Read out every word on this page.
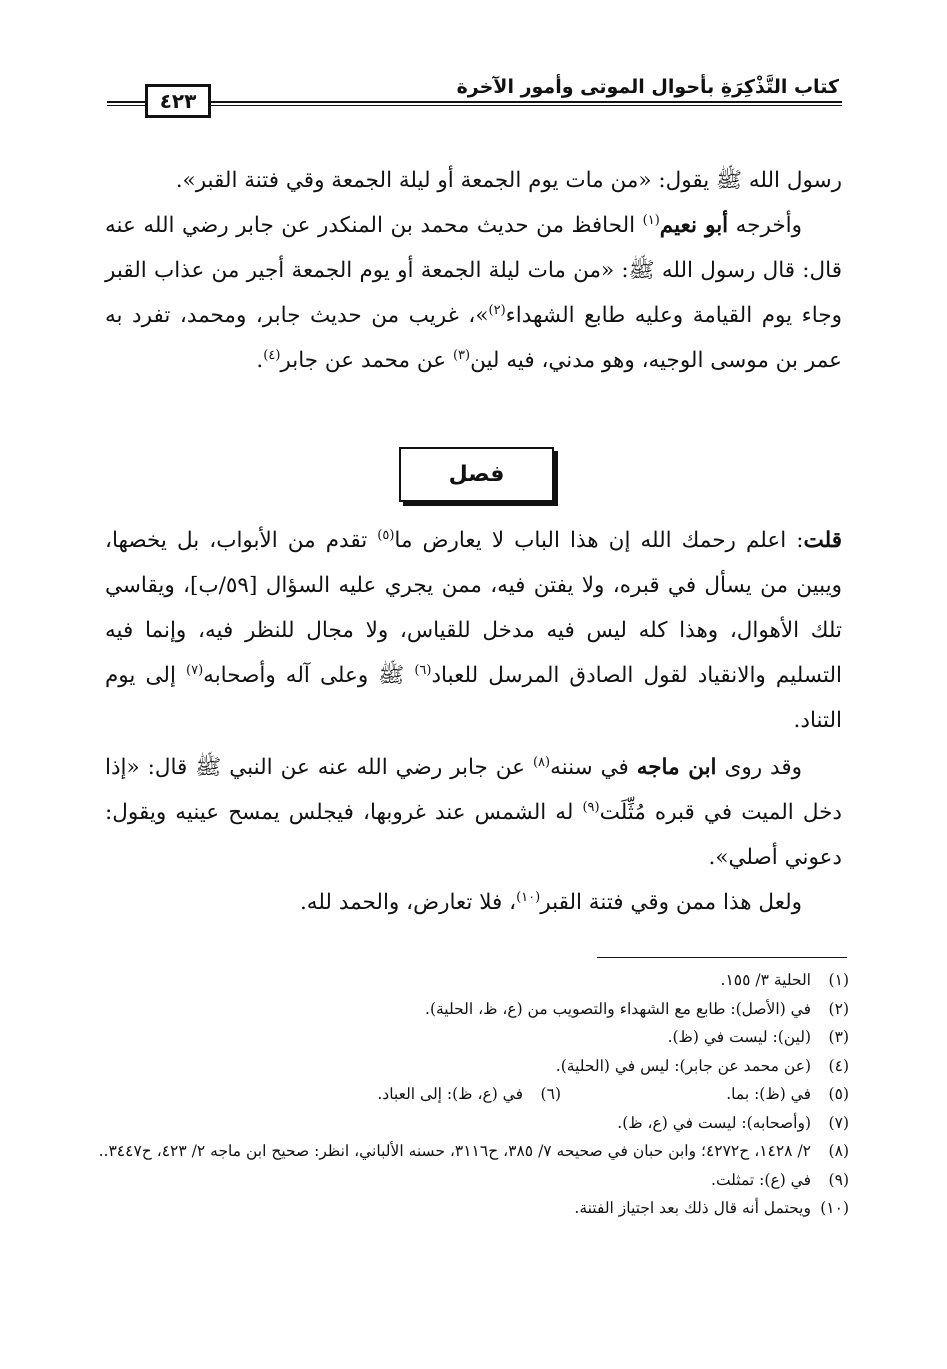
كتاب التَّذْكِرَةِ بأحوال الموتى وأمور الآخرة
٤٢٣

رسول الله ﷺ يقول: «من مات يوم الجمعة أو ليلة الجمعة وقي فتنة القبر».

وأخرجه أبو نعيم$^{(١)}$ الحافظ من حديث محمد بن المنكدر عن جابر رضي الله عنه قال: قال رسول الله ﷺ: «من مات ليلة الجمعة أو يوم الجمعة أجير من عذاب القبر وجاء يوم القيامة وعليه طابع الشهداء$^{(٢)}$»، غريب من حديث جابر، ومحمد، تفرد به عمر بن موسى الوجيه، وهو مدني، فيه لين$^{(٣)}$ عن محمد عن جابر$^{(٤)}$.

فصل

قلت: اعلم رحمك الله إن هذا الباب لا يعارض ما$^{(٥)}$ تقدم من الأبواب، بل يخصها، ويبين من يسأل في قبره، ولا يفتن فيه، ممن يجري عليه السؤال [٥٩/ب]، ويقاسي تلك الأهوال، وهذا كله ليس فيه مدخل للقياس، ولا مجال للنظر فيه، وإنما فيه التسليم والانقياد لقول الصادق المرسل للعباد$^{(٦)}$ ﷺ وعلى آله وأصحابه$^{(٧)}$ إلى يوم التناد.

وقد روى ابن ماجه في سننه$^{(٨)}$ عن جابر رضي الله عنه عن النبي ﷺ قال: «إذا دخل الميت في قبره مُثِّلَت$^{(٩)}$ له الشمس عند غروبها، فيجلس يمسح عينيه ويقول: دعوني أصلي».

ولعل هذا ممن وقي فتنة القبر$^{(١٠)}$، فلا تعارض، والحمد لله.

(١)
الحلية ٣/ ١٥٥.
(٢)
في (الأصل): طابع مع الشهداء والتصويب من (ع، ظ، الحلية).
(٣)
(لين): ليست في (ظ).
(٤)
(عن محمد عن جابر): ليس في (الحلية).
(٥)
في (ظ): بما.
(٦)
في (ع، ظ): إلى العباد.
(٧)
(وأصحابه): ليست في (ع، ظ).
(٨)
٢/ ١٤٢٨، ح٤٢٧٢؛ وابن حبان في صحيحه ٧/ ٣٨٥، ح٣١١٦، حسنه الألباني، انظر: صحيح ابن ماجه ٢/ ٤٢٣، ح٣٤٤٧..
(٩)
في (ع): تمثلت.
(١٠)
ويحتمل أنه قال ذلك بعد اجتياز الفتنة.
